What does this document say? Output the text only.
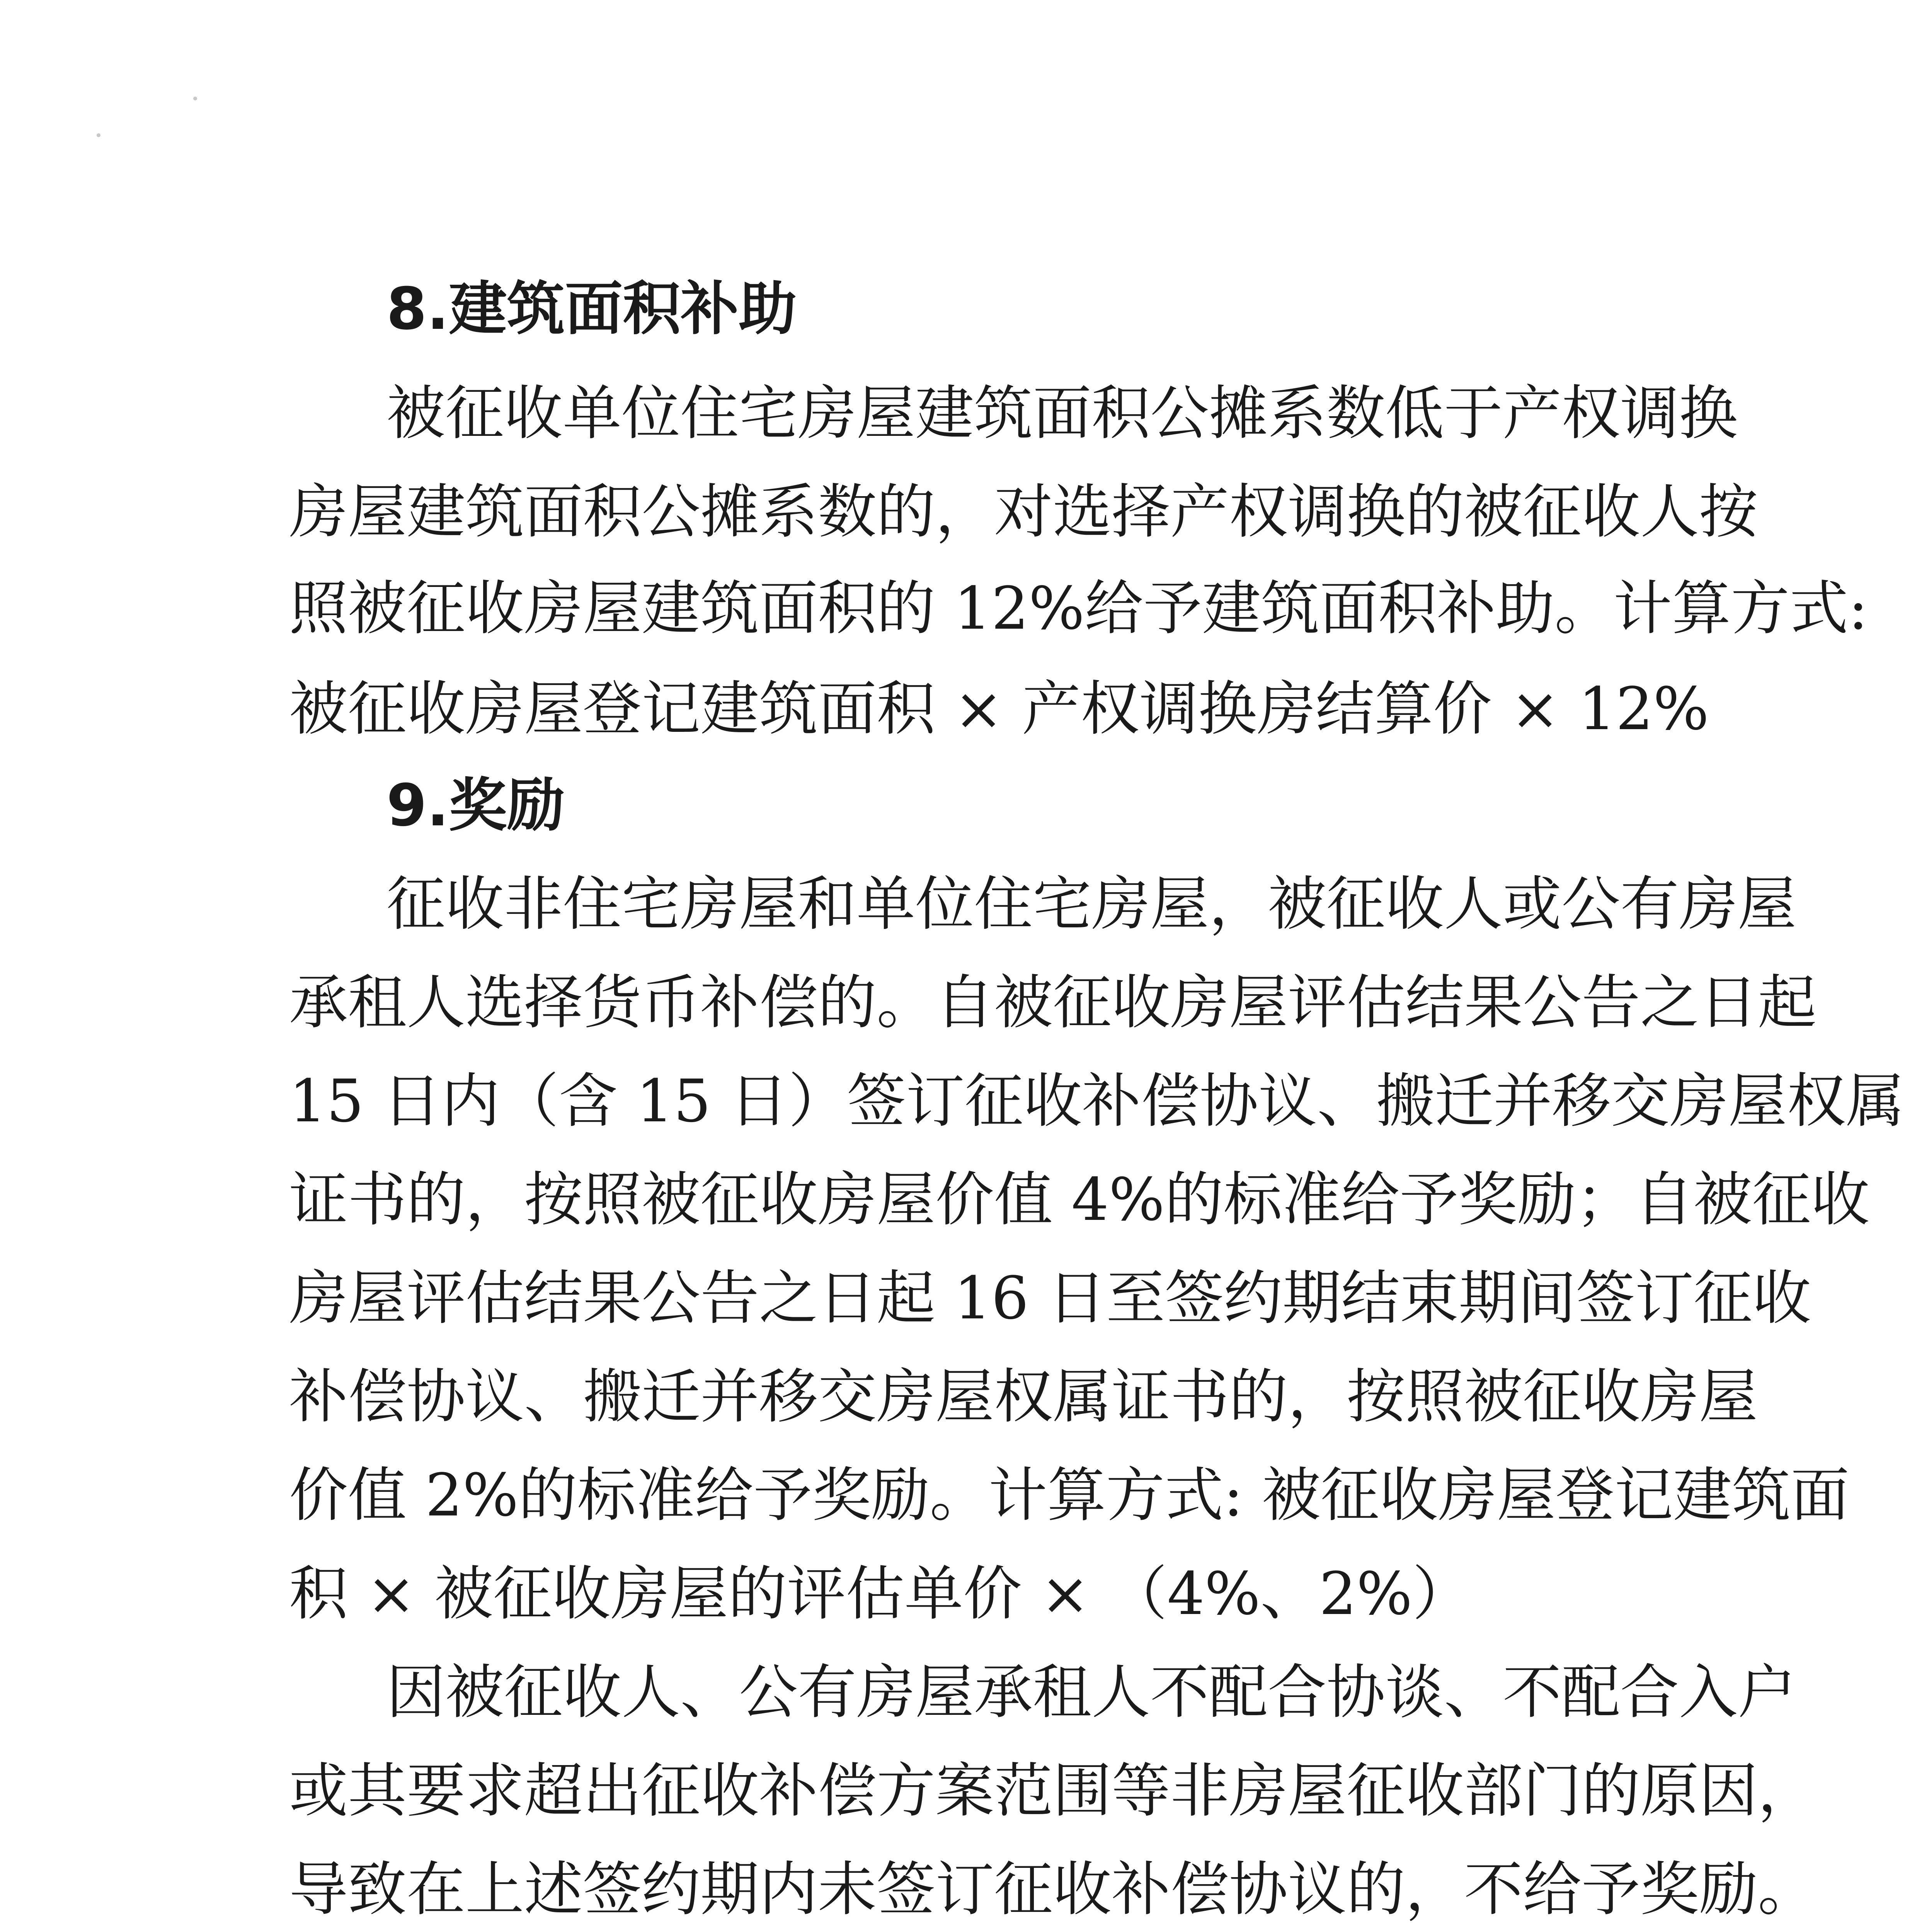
8.建筑面积补助
被征收单位住宅房屋建筑面积公摊系数低于产权调换
房屋建筑面积公摊系数的，对选择产权调换的被征收人按
照被征收房屋建筑面积的 12%给予建筑面积补助。计算方式:
被征收房屋登记建筑面积 × 产权调换房结算价 × 12%
9.奖励
征收非住宅房屋和单位住宅房屋，被征收人或公有房屋
承租人选择货币补偿的。自被征收房屋评估结果公告之日起
15 日内（含 15 日）签订征收补偿协议、搬迁并移交房屋权属
证书的，按照被征收房屋价值 4%的标准给予奖励；自被征收
房屋评估结果公告之日起 16 日至签约期结束期间签订征收
补偿协议、搬迁并移交房屋权属证书的，按照被征收房屋
价值 2%的标准给予奖励。计算方式: 被征收房屋登记建筑面
积 × 被征收房屋的评估单价 × （4%、2%）
因被征收人、公有房屋承租人不配合协谈、不配合入户
或其要求超出征收补偿方案范围等非房屋征收部门的原因，
导致在上述签约期内未签订征收补偿协议的，不给予奖励。
